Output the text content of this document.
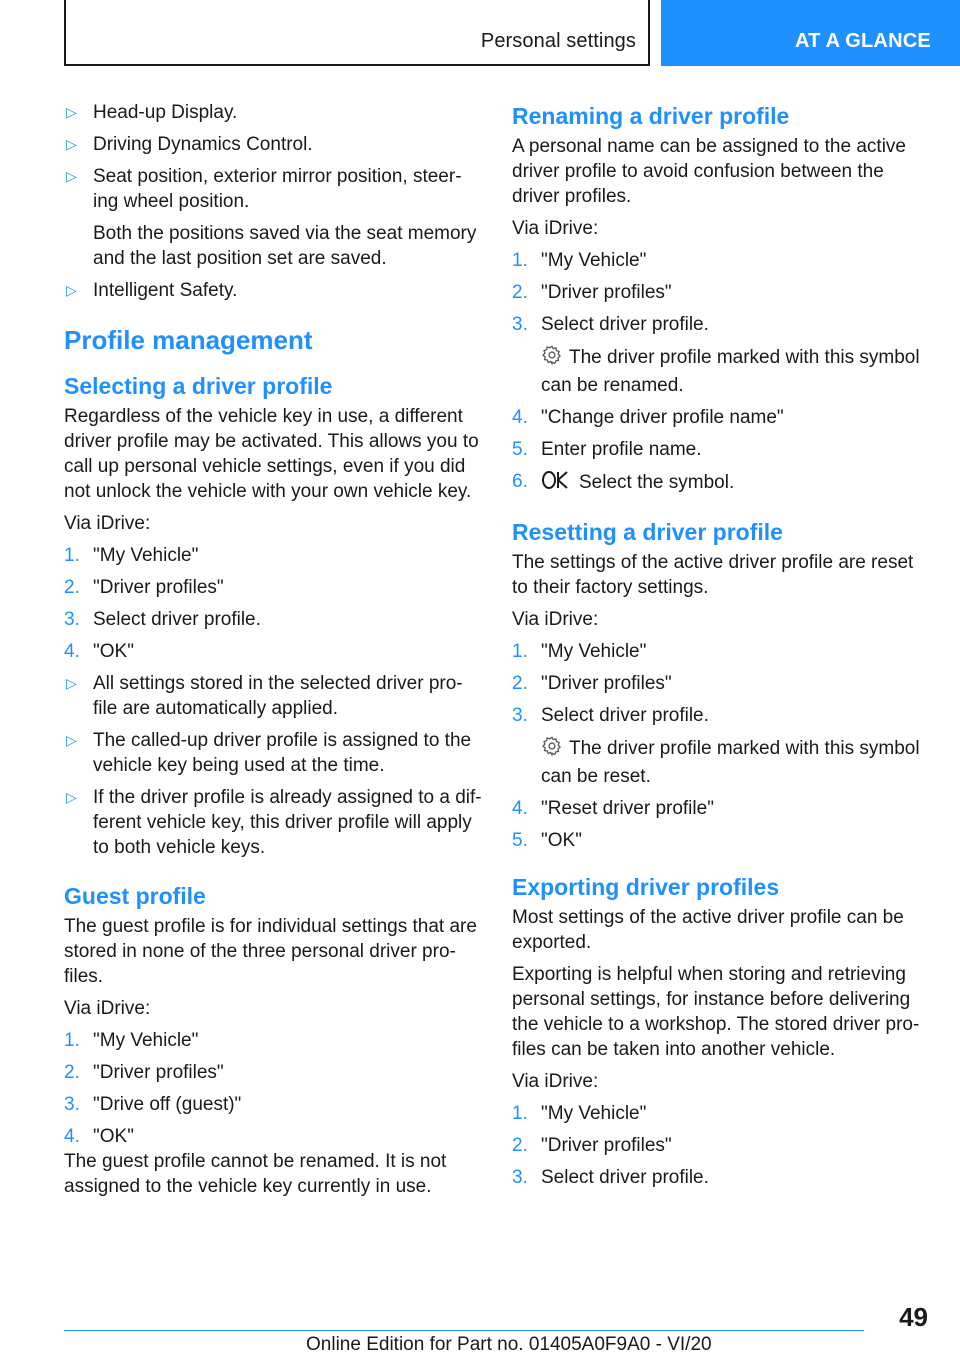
Personal settings	AT A GLANCE
▷ Head-up Display.
▷ Driving Dynamics Control.
▷ Seat position, exterior mirror position, steer‐ing wheel position.
Both the positions saved via the seat memory and the last position set are saved.
▷ Intelligent Safety.
Profile management
Selecting a driver profile
Regardless of the vehicle key in use, a different driver profile may be activated. This allows you to call up personal vehicle settings, even if you did not unlock the vehicle with your own vehicle key.
Via iDrive:
1. "My Vehicle"
2. "Driver profiles"
3. Select driver profile.
4. "OK"
▷ All settings stored in the selected driver pro‐file are automatically applied.
▷ The called-up driver profile is assigned to the vehicle key being used at the time.
▷ If the driver profile is already assigned to a dif‐ferent vehicle key, this driver profile will apply to both vehicle keys.
Guest profile
The guest profile is for individual settings that are stored in none of the three personal driver pro‐files.
Via iDrive:
1. "My Vehicle"
2. "Driver profiles"
3. "Drive off (guest)"
4. "OK"
The guest profile cannot be renamed. It is not assigned to the vehicle key currently in use.
Renaming a driver profile
A personal name can be assigned to the active driver profile to avoid confusion between the driver profiles.
Via iDrive:
1. "My Vehicle"
2. "Driver profiles"
3. Select driver profile.
The driver profile marked with this symbol can be renamed.
4. "Change driver profile name"
5. Enter profile name.
6.	Select the symbol.
Resetting a driver profile
The settings of the active driver profile are reset to their factory settings.
Via iDrive:
1. "My Vehicle"
2. "Driver profiles"
3. Select driver profile.
The driver profile marked with this symbol can be reset.
4. "Reset driver profile"
5. "OK"
Exporting driver profiles
Most settings of the active driver profile can be exported.
Exporting is helpful when storing and retrieving personal settings, for instance before delivering the vehicle to a workshop. The stored driver pro‐files can be taken into another vehicle.
Via iDrive:
1. "My Vehicle"
2. "Driver profiles"
3. Select driver profile.
49
Online Edition for Part no. 01405A0F9A0 - VI/20
